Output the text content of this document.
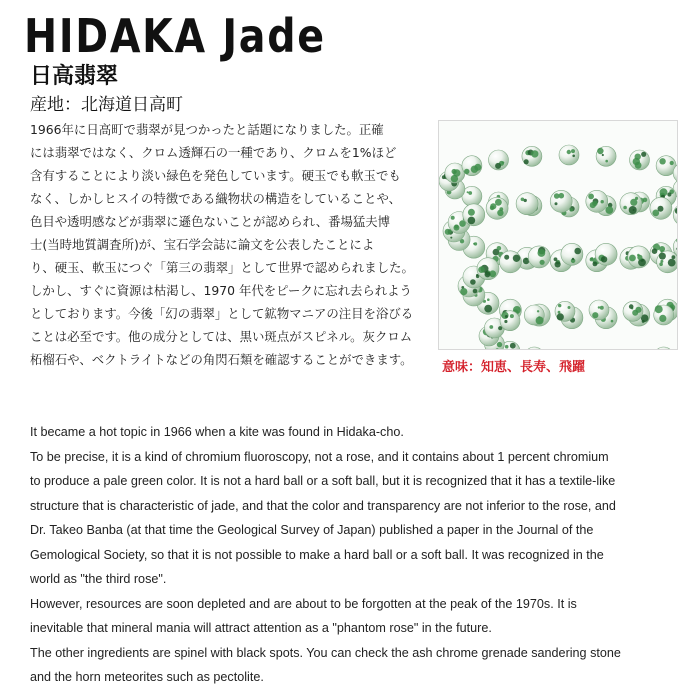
HIDAKA Jade
日高翡翠
産地：北海道日高町
1966年に日高町で翡翠が見つかったと話題になりました。正確
には翡翠ではなく、クロム透輝石の一種であり、クロムを1%ほど
含有することにより淡い緑色を発色しています。硬玉でも軟玉でも
なく、しかしヒスイの特徴である織物状の構造をしていることや、
色目や透明感などが翡翠に遜色ないことが認められ、番場猛夫博
士(当時地質調査所)が、宝石学会誌に論文を公表したことによ
り、硬玉、軟玉につぐ「第三の翡翠」として世界で認められました。
しかし、すぐに資源は枯渇し、1970 年代をピークに忘れ去られよう
としております。今後「幻の翡翠」として鉱物マニアの注目を浴びる
ことは必至です。他の成分としては、黒い斑点がスピネル。灰クロム
柘榴石や、ベクトライトなどの角閃石類を確認することができます。
意味：知恵、長寿、飛躍
It became a hot topic in 1966 when a kite was found in Hidaka-cho.
To be precise, it is a kind of chromium fluoroscopy, not a rose, and it contains about 1 percent chromium
to produce a pale green color. It is not a hard ball or a soft ball, but it is recognized that it has a textile-like
structure that is characteristic of jade, and that the color and transparency are not inferior to the rose, and
Dr. Takeo Banba (at that time the Geological Survey of Japan) published a paper in the Journal of the
Gemological Society, so that it is not possible to make a hard ball or a soft ball. It was recognized in the
world as "the third rose".
However, resources are soon depleted and are about to be forgotten at the peak of the 1970s. It is
inevitable that mineral mania will attract attention as a "phantom rose" in the future.
The other ingredients are spinel with black spots. You can check the ash chrome grenade sandering stone
and the horn meteorites such as pectolite.
